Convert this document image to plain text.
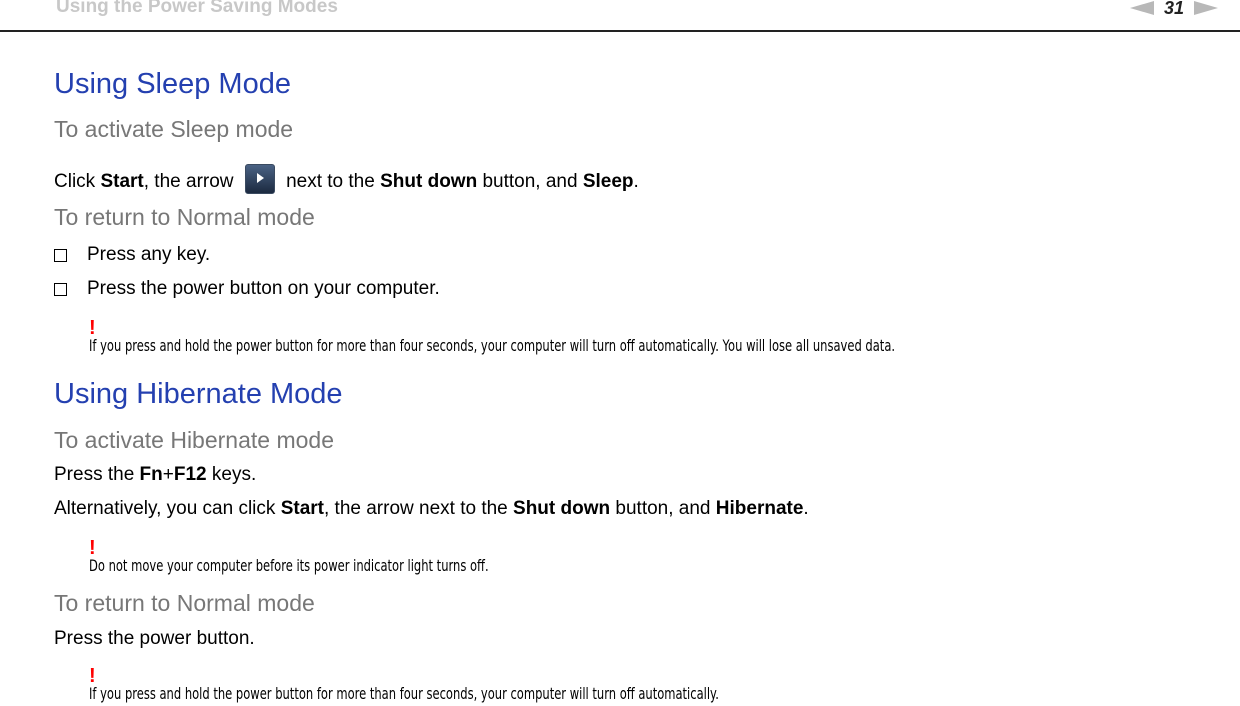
Using the Power Saving Modes	31
Using Sleep Mode
To activate Sleep mode
Click Start, the arrow	next to the Shut down button, and Sleep.
To return to Normal mode
Press any key.
Press the power button on your computer.
!
If you press and hold the power button for more than four seconds, your computer will turn off automatically. You will lose all unsaved data.
Using Hibernate Mode
To activate Hibernate mode
Press the Fn+F12 keys.
Alternatively, you can click Start, the arrow next to the Shut down button, and Hibernate.
!
Do not move your computer before its power indicator light turns off.
To return to Normal mode
Press the power button.
!
If you press and hold the power button for more than four seconds, your computer will turn off automatically.
